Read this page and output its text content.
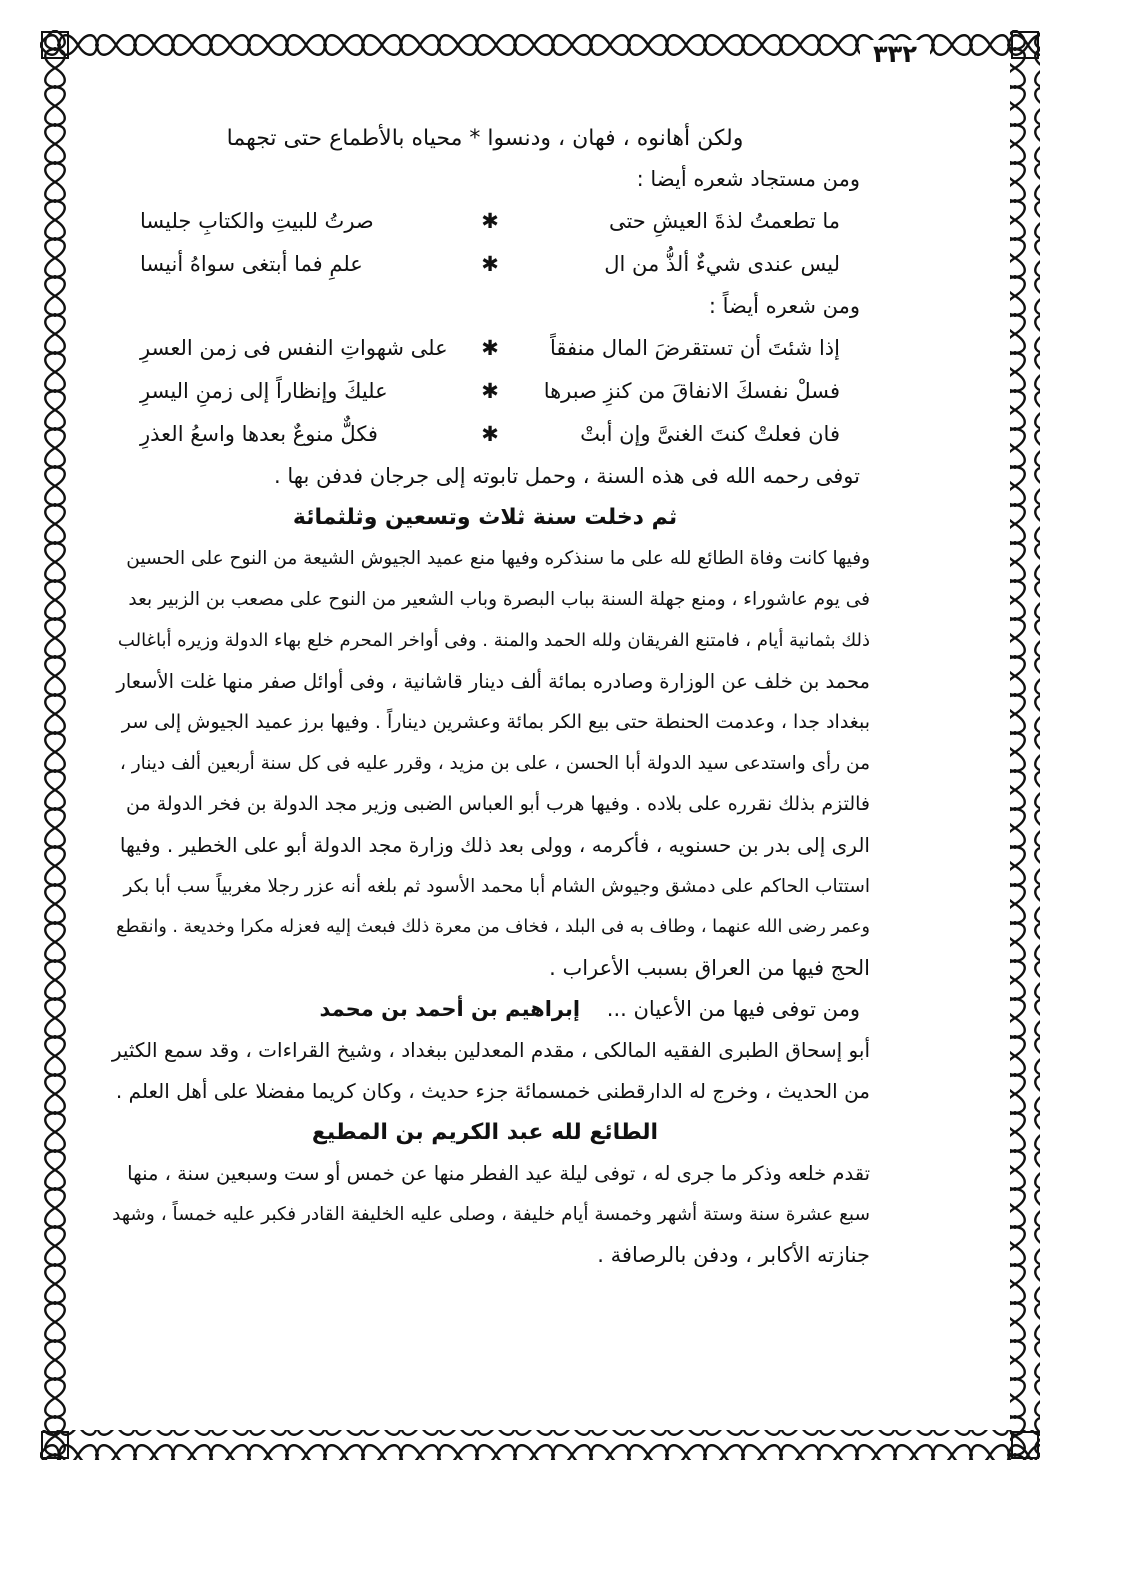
٣٣٢
ولكن أهانوه ، فهان ، ودنسوا * محياه بالأطماع حتى تجهما
ومن مستجاد شعره أيضا :
ما تطعمتُ لذةَ العيشِ حتى
✱
صرتُ للبيتِ والكتابِ جليسا
ليس عندى شيءٌ ألذُّ من ال
✱
علمِ فما أبتغى سواهُ أنيسا
ومن شعره أيضاً :
إذا شئتَ أن تستقرضَ المال منفقاً
✱
على شهواتِ النفس فى زمن العسرِ
فسلْ نفسكَ الانفاقَ من كنزِ صبرها
✱
عليكَ وإنظاراً إلى زمنِ اليسرِ
فان فعلتْ كنتَ الغنىَّ وإن أبتْ
✱
فكلٌّ منوعٌ بعدها واسعُ العذرِ
توفى رحمه الله فى هذه السنة ، وحمل تابوته إلى جرجان فدفن بها .
ثم دخلت سنة ثلاث وتسعين وثلثمائة
وفيها كانت وفاة الطائع لله على ما سنذكره وفيها منع عميد الجيوش الشيعة من النوح على الحسين
فى يوم عاشوراء ، ومنع جهلة السنة بباب البصرة وباب الشعير من النوح على مصعب بن الزبير بعد
ذلك بثمانية أيام ، فامتنع الفريقان ولله الحمد والمنة . وفى أواخر المحرم خلع بهاء الدولة وزيره أباغالب
محمد بن خلف عن الوزارة وصادره بمائة ألف دينار قاشانية ، وفى أوائل صفر منها غلت الأسعار
ببغداد جدا ، وعدمت الحنطة حتى بيع الكر بمائة وعشرين ديناراً . وفيها برز عميد الجيوش إلى سر
من رأى واستدعى سيد الدولة أبا الحسن ، على بن مزيد ، وقرر عليه فى كل سنة أربعين ألف دينار ،
فالتزم بذلك نقرره على بلاده . وفيها هرب أبو العباس الضبى وزير مجد الدولة بن فخر الدولة من
الرى إلى بدر بن حسنويه ، فأكرمه ، وولى بعد ذلك وزارة مجد الدولة أبو على الخطير . وفيها
استتاب الحاكم على دمشق وجيوش الشام أبا محمد الأسود ثم بلغه أنه عزر رجلا مغربياً سب أبا بكر
وعمر رضى الله عنهما ، وطاف به فى البلد ، فخاف من معرة ذلك فبعث إليه فعزله مكرا وخديعة . وانقطع
الحج فيها من العراق بسبب الأعراب .
ومن توفى فيها من الأعيان ...    إبراهيم بن أحمد بن محمد
أبو إسحاق الطبرى الفقيه المالكى ، مقدم المعدلين ببغداد ، وشيخ القراءات ، وقد سمع الكثير
من الحديث ، وخرج له الدارقطنى خمسمائة جزء حديث ، وكان كريما مفضلا على أهل العلم .
الطائع لله عبد الكريم بن المطيع
تقدم خلعه وذكر ما جرى له ، توفى ليلة عيد الفطر منها عن خمس أو ست وسبعين سنة ، منها
سبع عشرة سنة وستة أشهر وخمسة أيام خليفة ، وصلى عليه الخليفة القادر فكبر عليه خمساً ، وشهد
جنازته الأكابر ، ودفن بالرصافة .
